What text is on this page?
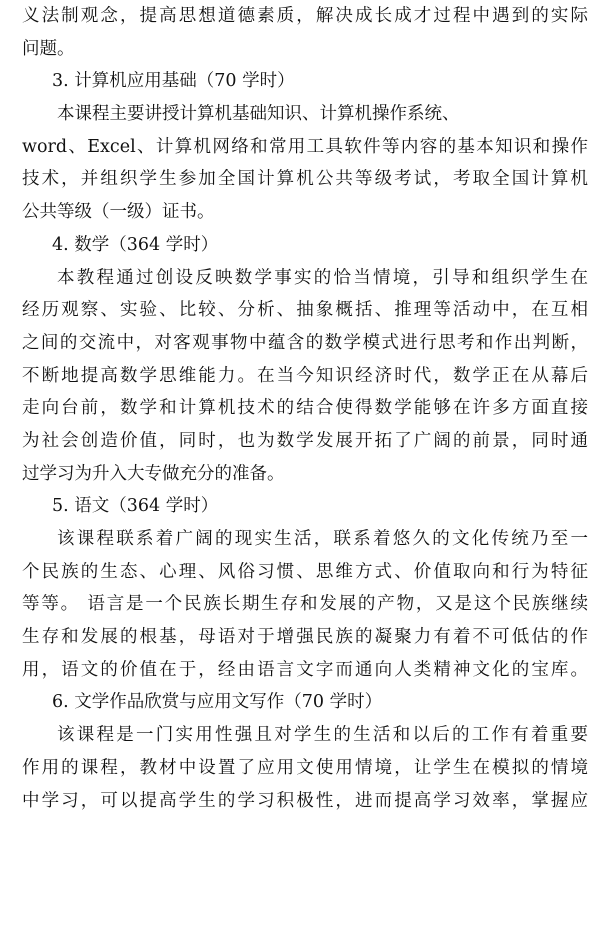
义法制观念，提高思想道德素质，解决成长成才过程中遇到的实际
问题。
3. 计算机应用基础（70 学时）
本课程主要讲授计算机基础知识、计算机操作系统、
word、Excel、计算机网络和常用工具软件等内容的基本知识和操作
技术，并组织学生参加全国计算机公共等级考试，考取全国计算机
公共等级（一级）证书。
4. 数学（364 学时）
本教程通过创设反映数学事实的恰当情境，引导和组织学生在
经历观察、实验、比较、分析、抽象概括、推理等活动中，在互相
之间的交流中，对客观事物中蕴含的数学模式进行思考和作出判断，
不断地提高数学思维能力。在当今知识经济时代，数学正在从幕后
走向台前，数学和计算机技术的结合使得数学能够在许多方面直接
为社会创造价值，同时，也为数学发展开拓了广阔的前景，同时通
过学习为升入大专做充分的准备。
5. 语文（364 学时）
该课程联系着广阔的现实生活，联系着悠久的文化传统乃至一
个民族的生态、心理、风俗习惯、思维方式、价值取向和行为特征
等等。 语言是一个民族长期生存和发展的产物，又是这个民族继续
生存和发展的根基，母语对于增强民族的凝聚力有着不可低估的作
用，语文的价值在于，经由语言文字而通向人类精神文化的宝库。
6. 文学作品欣赏与应用文写作（70 学时）
该课程是一门实用性强且对学生的生活和以后的工作有着重要
作用的课程，教材中设置了应用文使用情境，让学生在模拟的情境
中学习，可以提高学生的学习积极性，进而提高学习效率，掌握应
